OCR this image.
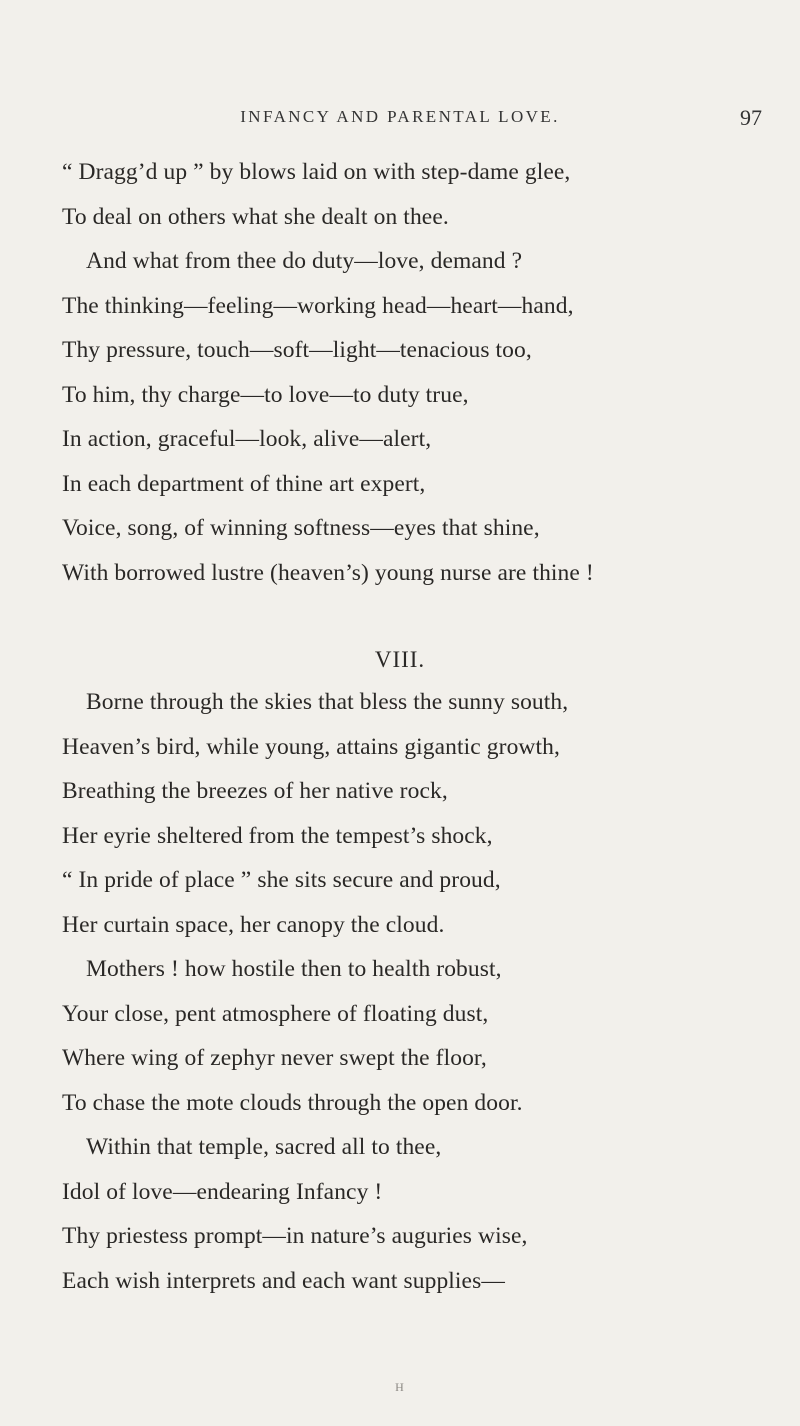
INFANCY AND PARENTAL LOVE.	97
“ Dragg’d up ” by blows laid on with step-dame glee,
To deal on others what she dealt on thee.
And what from thee do duty—love, demand ?
The thinking—feeling—working head—heart—hand,
Thy pressure, touch—soft—light—tenacious too,
To him, thy charge—to love—to duty true,
In action, graceful—look, alive—alert,
In each department of thine art expert,
Voice, song, of winning softness—eyes that shine,
With borrowed lustre (heaven’s) young nurse are thine !
VIII.
Borne through the skies that bless the sunny south,
Heaven’s bird, while young, attains gigantic growth,
Breathing the breezes of her native rock,
Her eyrie sheltered from the tempest’s shock,
“ In pride of place ” she sits secure and proud,
Her curtain space, her canopy the cloud.
Mothers ! how hostile then to health robust,
Your close, pent atmosphere of floating dust,
Where wing of zephyr never swept the floor,
To chase the mote clouds through the open door.
Within that temple, sacred all to thee,
Idol of love—endearing Infancy !
Thy priestess prompt—in nature’s auguries wise,
Each wish interprets and each want supplies—
H
